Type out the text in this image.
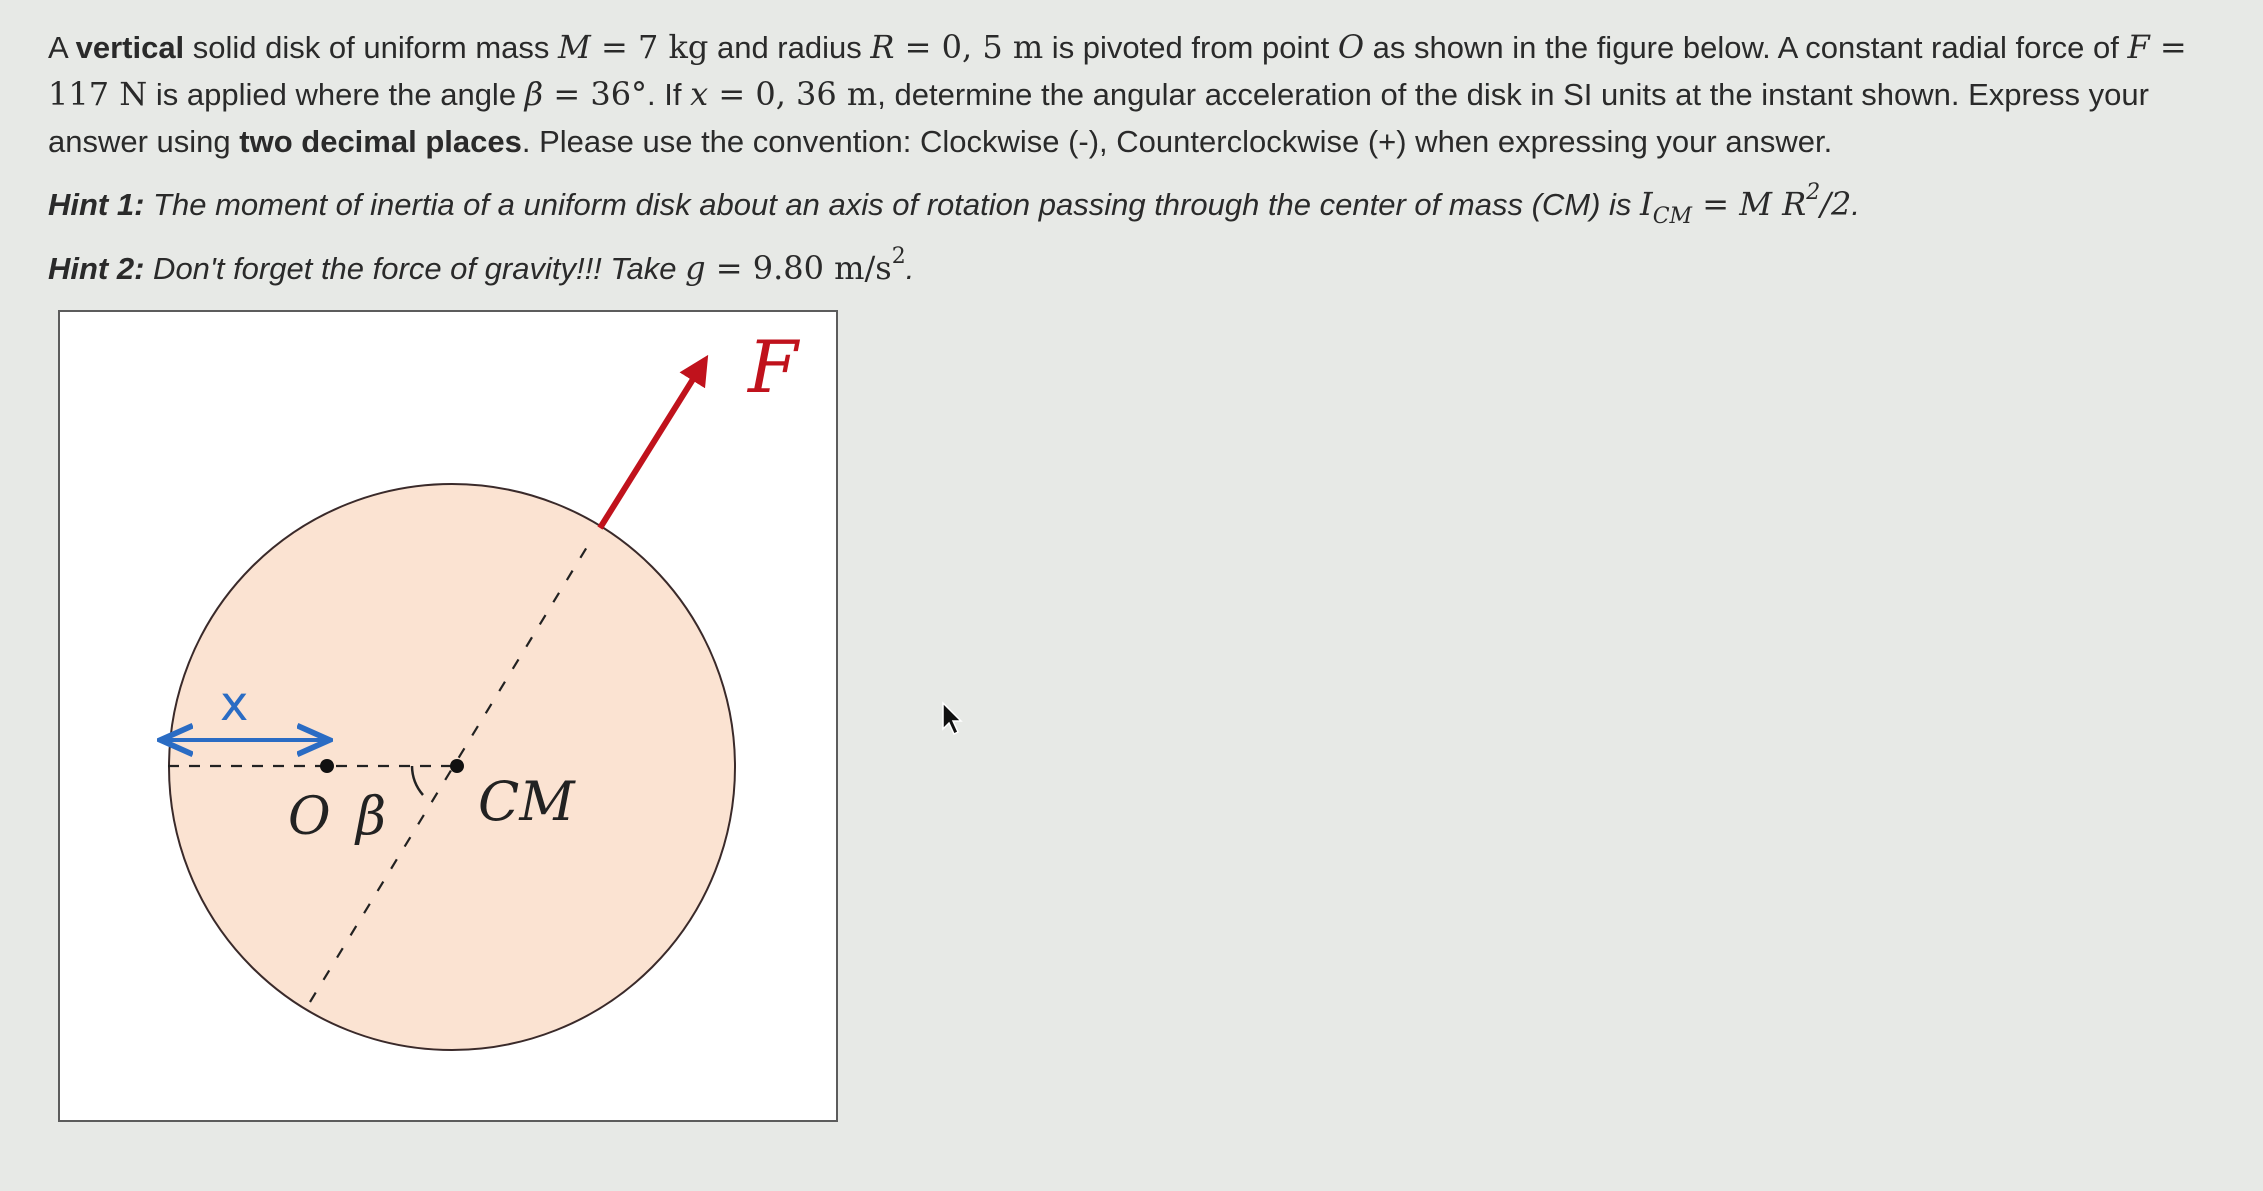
A vertical solid disk of uniform mass M = 7 kg and radius R = 0, 5 m is pivoted from point O as shown in the figure below. A constant radial force of F = 117 N is applied where the angle β = 36°. If x = 0, 36 m, determine the angular acceleration of the disk in SI units at the instant shown. Express your answer using two decimal places. Please use the convention: Clockwise (-), Counterclockwise (+) when expressing your answer.

Hint 1: The moment of inertia of a uniform disk about an axis of rotation passing through the center of mass (CM) is $I_{CM} = M$ $R^2/2$.

Hint 2: Don't forget the force of gravity!!! Take g = 9.80 $m/s^2$.

F
x
O β CM
